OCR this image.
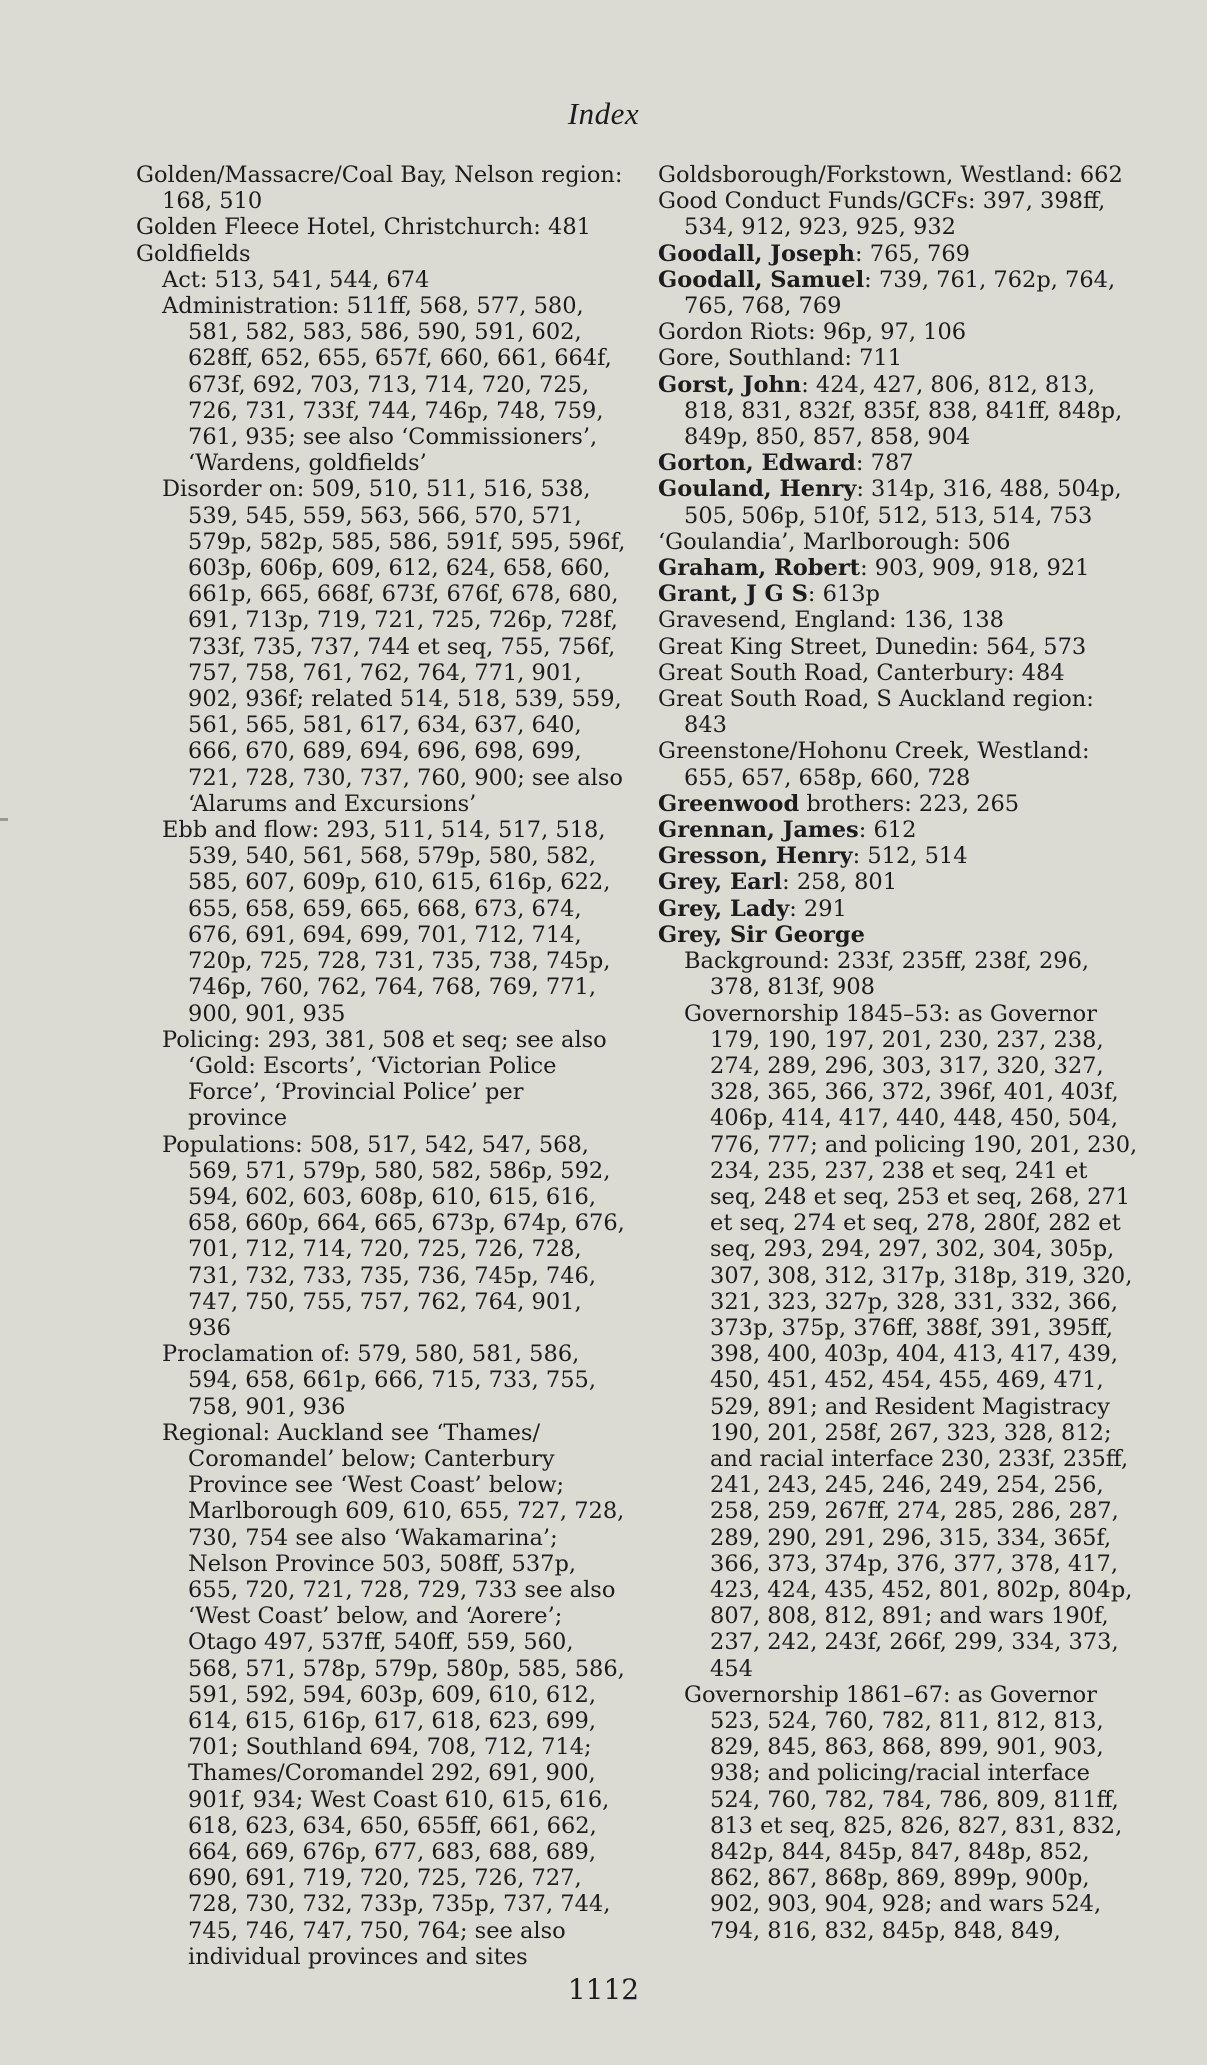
Index
Golden/Massacre/Coal Bay, Nelson region: 168, 510
Golden Fleece Hotel, Christchurch: 481
Goldfields
Act: 513, 541, 544, 674
Administration: 511ff, 568, 577, 580, 581, 582, 583, 586, 590, 591, 602, 628ff, 652, 655, 657f, 660, 661, 664f, 673f, 692, 703, 713, 714, 720, 725, 726, 731, 733f, 744, 746p, 748, 759, 761, 935; see also ‘Commissioners’, ‘Wardens, goldfields’
Disorder on: 509, 510, 511, 516, 538, 539, 545, 559, 563, 566, 570, 571, 579p, 582p, 585, 586, 591f, 595, 596f, 603p, 606p, 609, 612, 624, 658, 660, 661p, 665, 668f, 673f, 676f, 678, 680, 691, 713p, 719, 721, 725, 726p, 728f, 733f, 735, 737, 744 et seq, 755, 756f, 757, 758, 761, 762, 764, 771, 901, 902, 936f; related 514, 518, 539, 559, 561, 565, 581, 617, 634, 637, 640, 666, 670, 689, 694, 696, 698, 699, 721, 728, 730, 737, 760, 900; see also ‘Alarums and Excursions’
Ebb and flow: 293, 511, 514, 517, 518, 539, 540, 561, 568, 579p, 580, 582, 585, 607, 609p, 610, 615, 616p, 622, 655, 658, 659, 665, 668, 673, 674, 676, 691, 694, 699, 701, 712, 714, 720p, 725, 728, 731, 735, 738, 745p, 746p, 760, 762, 764, 768, 769, 771, 900, 901, 935
Policing: 293, 381, 508 et seq; see also ‘Gold: Escorts’, ‘Victorian Police Force’, ‘Provincial Police’ per province
Populations: 508, 517, 542, 547, 568, 569, 571, 579p, 580, 582, 586p, 592, 594, 602, 603, 608p, 610, 615, 616, 658, 660p, 664, 665, 673p, 674p, 676, 701, 712, 714, 720, 725, 726, 728, 731, 732, 733, 735, 736, 745p, 746, 747, 750, 755, 757, 762, 764, 901, 936
Proclamation of: 579, 580, 581, 586, 594, 658, 661p, 666, 715, 733, 755, 758, 901, 936
Regional: Auckland see ‘Thames/ Coromandel’ below; Canterbury Province see ‘West Coast’ below; Marlborough 609, 610, 655, 727, 728, 730, 754 see also ‘Wakamarina’; Nelson Province 503, 508ff, 537p, 655, 720, 721, 728, 729, 733 see also ‘West Coast’ below, and ‘Aorere’; Otago 497, 537ff, 540ff, 559, 560, 568, 571, 578p, 579p, 580p, 585, 586, 591, 592, 594, 603p, 609, 610, 612, 614, 615, 616p, 617, 618, 623, 699, 701; Southland 694, 708, 712, 714; Thames/Coromandel 292, 691, 900, 901f, 934; West Coast 610, 615, 616, 618, 623, 634, 650, 655ff, 661, 662, 664, 669, 676p, 677, 683, 688, 689, 690, 691, 719, 720, 725, 726, 727, 728, 730, 732, 733p, 735p, 737, 744, 745, 746, 747, 750, 764; see also individual provinces and sites
Goldsborough/Forkstown, Westland: 662
Good Conduct Funds/GCFs: 397, 398ff, 534, 912, 923, 925, 932
Goodall, Joseph: 765, 769
Goodall, Samuel: 739, 761, 762p, 764, 765, 768, 769
Gordon Riots: 96p, 97, 106
Gore, Southland: 711
Gorst, John: 424, 427, 806, 812, 813, 818, 831, 832f, 835f, 838, 841ff, 848p, 849p, 850, 857, 858, 904
Gorton, Edward: 787
Gouland, Henry: 314p, 316, 488, 504p, 505, 506p, 510f, 512, 513, 514, 753
‘Goulandia’, Marlborough: 506
Graham, Robert: 903, 909, 918, 921
Grant, J G S: 613p
Gravesend, England: 136, 138
Great King Street, Dunedin: 564, 573
Great South Road, Canterbury: 484
Great South Road, S Auckland region: 843
Greenstone/Hohonu Creek, Westland: 655, 657, 658p, 660, 728
Greenwood brothers: 223, 265
Grennan, James: 612
Gresson, Henry: 512, 514
Grey, Earl: 258, 801
Grey, Lady: 291
Grey, Sir George
Background: 233f, 235ff, 238f, 296, 378, 813f, 908
Governorship 1845–53: as Governor 179, 190, 197, 201, 230, 237, 238, 274, 289, 296, 303, 317, 320, 327, 328, 365, 366, 372, 396f, 401, 403f, 406p, 414, 417, 440, 448, 450, 504, 776, 777; and policing 190, 201, 230, 234, 235, 237, 238 et seq, 241 et seq, 248 et seq, 253 et seq, 268, 271 et seq, 274 et seq, 278, 280f, 282 et seq, 293, 294, 297, 302, 304, 305p, 307, 308, 312, 317p, 318p, 319, 320, 321, 323, 327p, 328, 331, 332, 366, 373p, 375p, 376ff, 388f, 391, 395ff, 398, 400, 403p, 404, 413, 417, 439, 450, 451, 452, 454, 455, 469, 471, 529, 891; and Resident Magistracy 190, 201, 258f, 267, 323, 328, 812; and racial interface 230, 233f, 235ff, 241, 243, 245, 246, 249, 254, 256, 258, 259, 267ff, 274, 285, 286, 287, 289, 290, 291, 296, 315, 334, 365f, 366, 373, 374p, 376, 377, 378, 417, 423, 424, 435, 452, 801, 802p, 804p, 807, 808, 812, 891; and wars 190f, 237, 242, 243f, 266f, 299, 334, 373, 454
Governorship 1861–67: as Governor 523, 524, 760, 782, 811, 812, 813, 829, 845, 863, 868, 899, 901, 903, 938; and policing/racial interface 524, 760, 782, 784, 786, 809, 811ff, 813 et seq, 825, 826, 827, 831, 832, 842p, 844, 845p, 847, 848p, 852, 862, 867, 868p, 869, 899p, 900p, 902, 903, 904, 928; and wars 524, 794, 816, 832, 845p, 848, 849,
1112
